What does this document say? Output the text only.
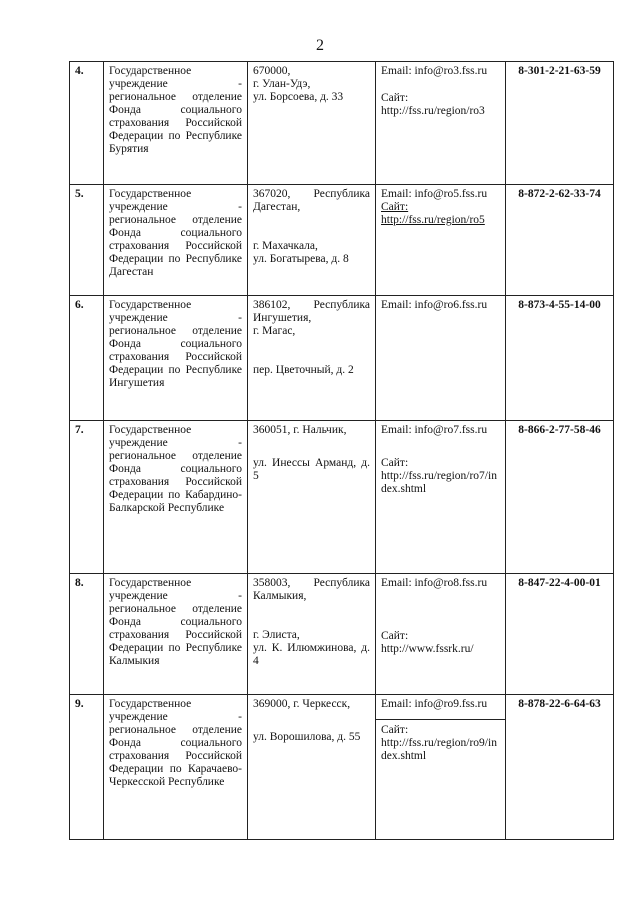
2
4.	Государственное учреждение - региональное отделение Фонда социального страхования Российской Федерации по Республике Бурятия	670000,
г. Улан-Удэ,
ул. Борсоева, д. 33	Email: info@ro3.fss.ru
Сайт:
http://fss.ru/region/ro3	8-301-2-21-63-59
5.	Государственное учреждение - региональное отделение Фонда социального страхования Российской Федерации по Республике Дагестан	367020, Республика Дагестан,
г. Махачкала,
ул. Богатырева, д. 8	Email: info@ro5.fss.ru
Сайт:
http://fss.ru/region/ro5	8-872-2-62-33-74
6.	Государственное учреждение - региональное отделение Фонда социального страхования Российской Федерации по Республике Ингушетия	386102, Республика Ингушетия,
г. Магас,
пер. Цветочный, д. 2	Email: info@ro6.fss.ru	8-873-4-55-14-00
7.	Государственное учреждение - региональное отделение Фонда социального страхования Российской Федерации по Кабардино-Балкарской Республике	360051, г. Нальчик,
ул. Инессы Арманд, д. 5	Email: info@ro7.fss.ru
Сайт:
http://fss.ru/region/ro7/index.shtml	8-866-2-77-58-46
8.	Государственное учреждение - региональное отделение Фонда социального страхования Российской Федерации по Республике Калмыкия	358003, Республика Калмыкия,
г. Элиста,
ул. К. Илюмжинова, д. 4	Email: info@ro8.fss.ru
Сайт:
http://www.fssrk.ru/	8-847-22-4-00-01
9.	Государственное учреждение - региональное отделение Фонда социального страхования Российской Федерации по Карачаево-Черкесской Республике	369000, г. Черкесск,
ул. Ворошилова, д. 55	Email: info@ro9.fss.ru
Сайт:
http://fss.ru/region/ro9/index.shtml	8-878-22-6-64-63
